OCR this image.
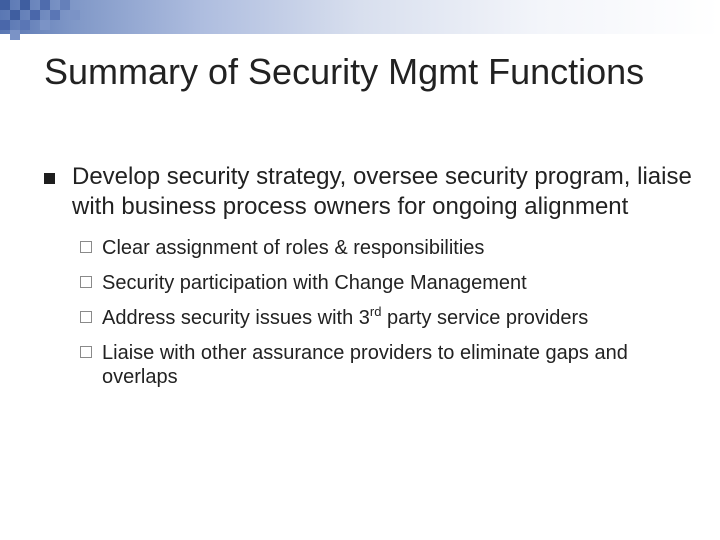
Summary of Security Mgmt Functions
Develop security strategy, oversee security program, liaise with business process owners for ongoing alignment
Clear assignment of roles & responsibilities
Security participation with Change Management
Address security issues with 3rd party service providers
Liaise with other assurance providers to eliminate gaps and overlaps
